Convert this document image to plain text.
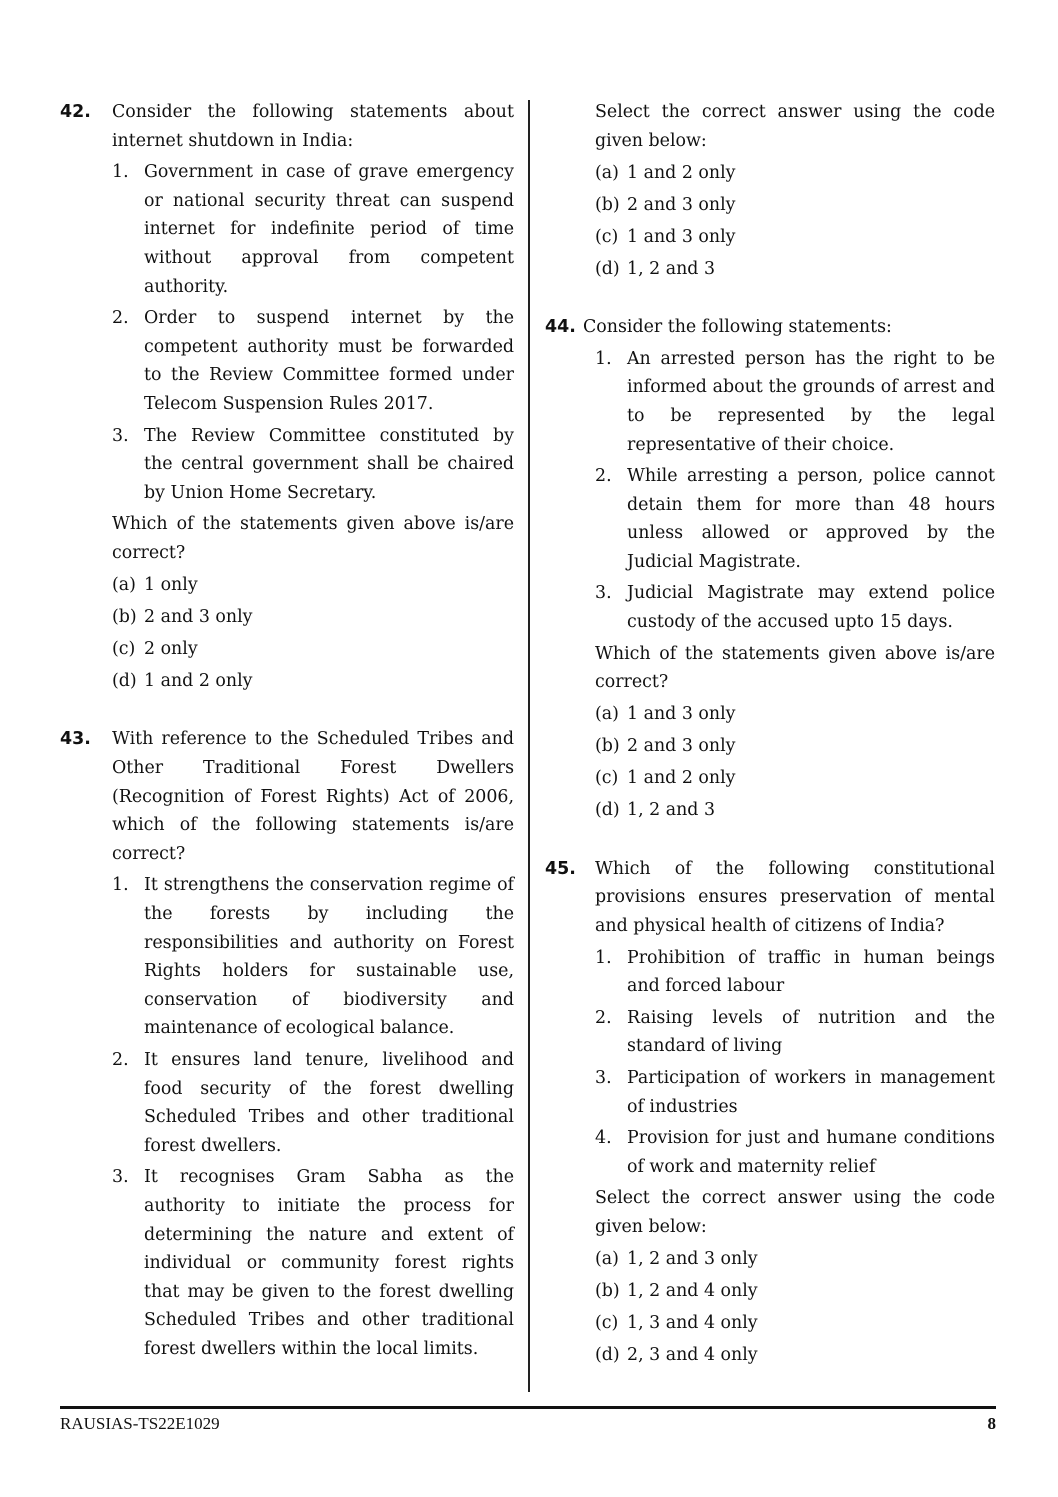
42.	Consider the following statements about internet shutdown in India:
1. Government in case of grave emergency or national security threat can suspend internet for indefinite period of time without approval from competent authority.
2. Order to suspend internet by the competent authority must be forwarded to the Review Committee formed under Telecom Suspension Rules 2017.
3. The Review Committee constituted by the central government shall be chaired by Union Home Secretary.
Which of the statements given above is/are correct?
(a) 1 only
(b) 2 and 3 only
(c) 2 only
(d) 1 and 2 only
43.	With reference to the Scheduled Tribes and Other Traditional Forest Dwellers (Recognition of Forest Rights) Act of 2006, which of the following statements is/are correct?
1. It strengthens the conservation regime of the forests by including the responsibilities and authority on Forest Rights holders for sustainable use, conservation of biodiversity and maintenance of ecological balance.
2. It ensures land tenure, livelihood and food security of the forest dwelling Scheduled Tribes and other traditional forest dwellers.
3. It recognises Gram Sabha as the authority to initiate the process for determining the nature and extent of individual or community forest rights that may be given to the forest dwelling Scheduled Tribes and other traditional forest dwellers within the local limits.
Select the correct answer using the code given below:
(a) 1 and 2 only
(b) 2 and 3 only
(c) 1 and 3 only
(d) 1, 2 and 3
44. Consider the following statements:
1. An arrested person has the right to be informed about the grounds of arrest and to be represented by the legal representative of their choice.
2. While arresting a person, police cannot detain them for more than 48 hours unless allowed or approved by the Judicial Magistrate.
3. Judicial Magistrate may extend police custody of the accused upto 15 days.
Which of the statements given above is/are correct?
(a) 1 and 3 only
(b) 2 and 3 only
(c) 1 and 2 only
(d) 1, 2 and 3
45.	Which of the following constitutional provisions ensures preservation of mental and physical health of citizens of India?
1. Prohibition of traffic in human beings and forced labour
2. Raising levels of nutrition and the standard of living
3. Participation of workers in management of industries
4. Provision for just and humane conditions of work and maternity relief
Select the correct answer using the code given below:
(a) 1, 2 and 3 only
(b) 1, 2 and 4 only
(c) 1, 3 and 4 only
(d) 2, 3 and 4 only
RAUSIAS-TS22E1029	8
